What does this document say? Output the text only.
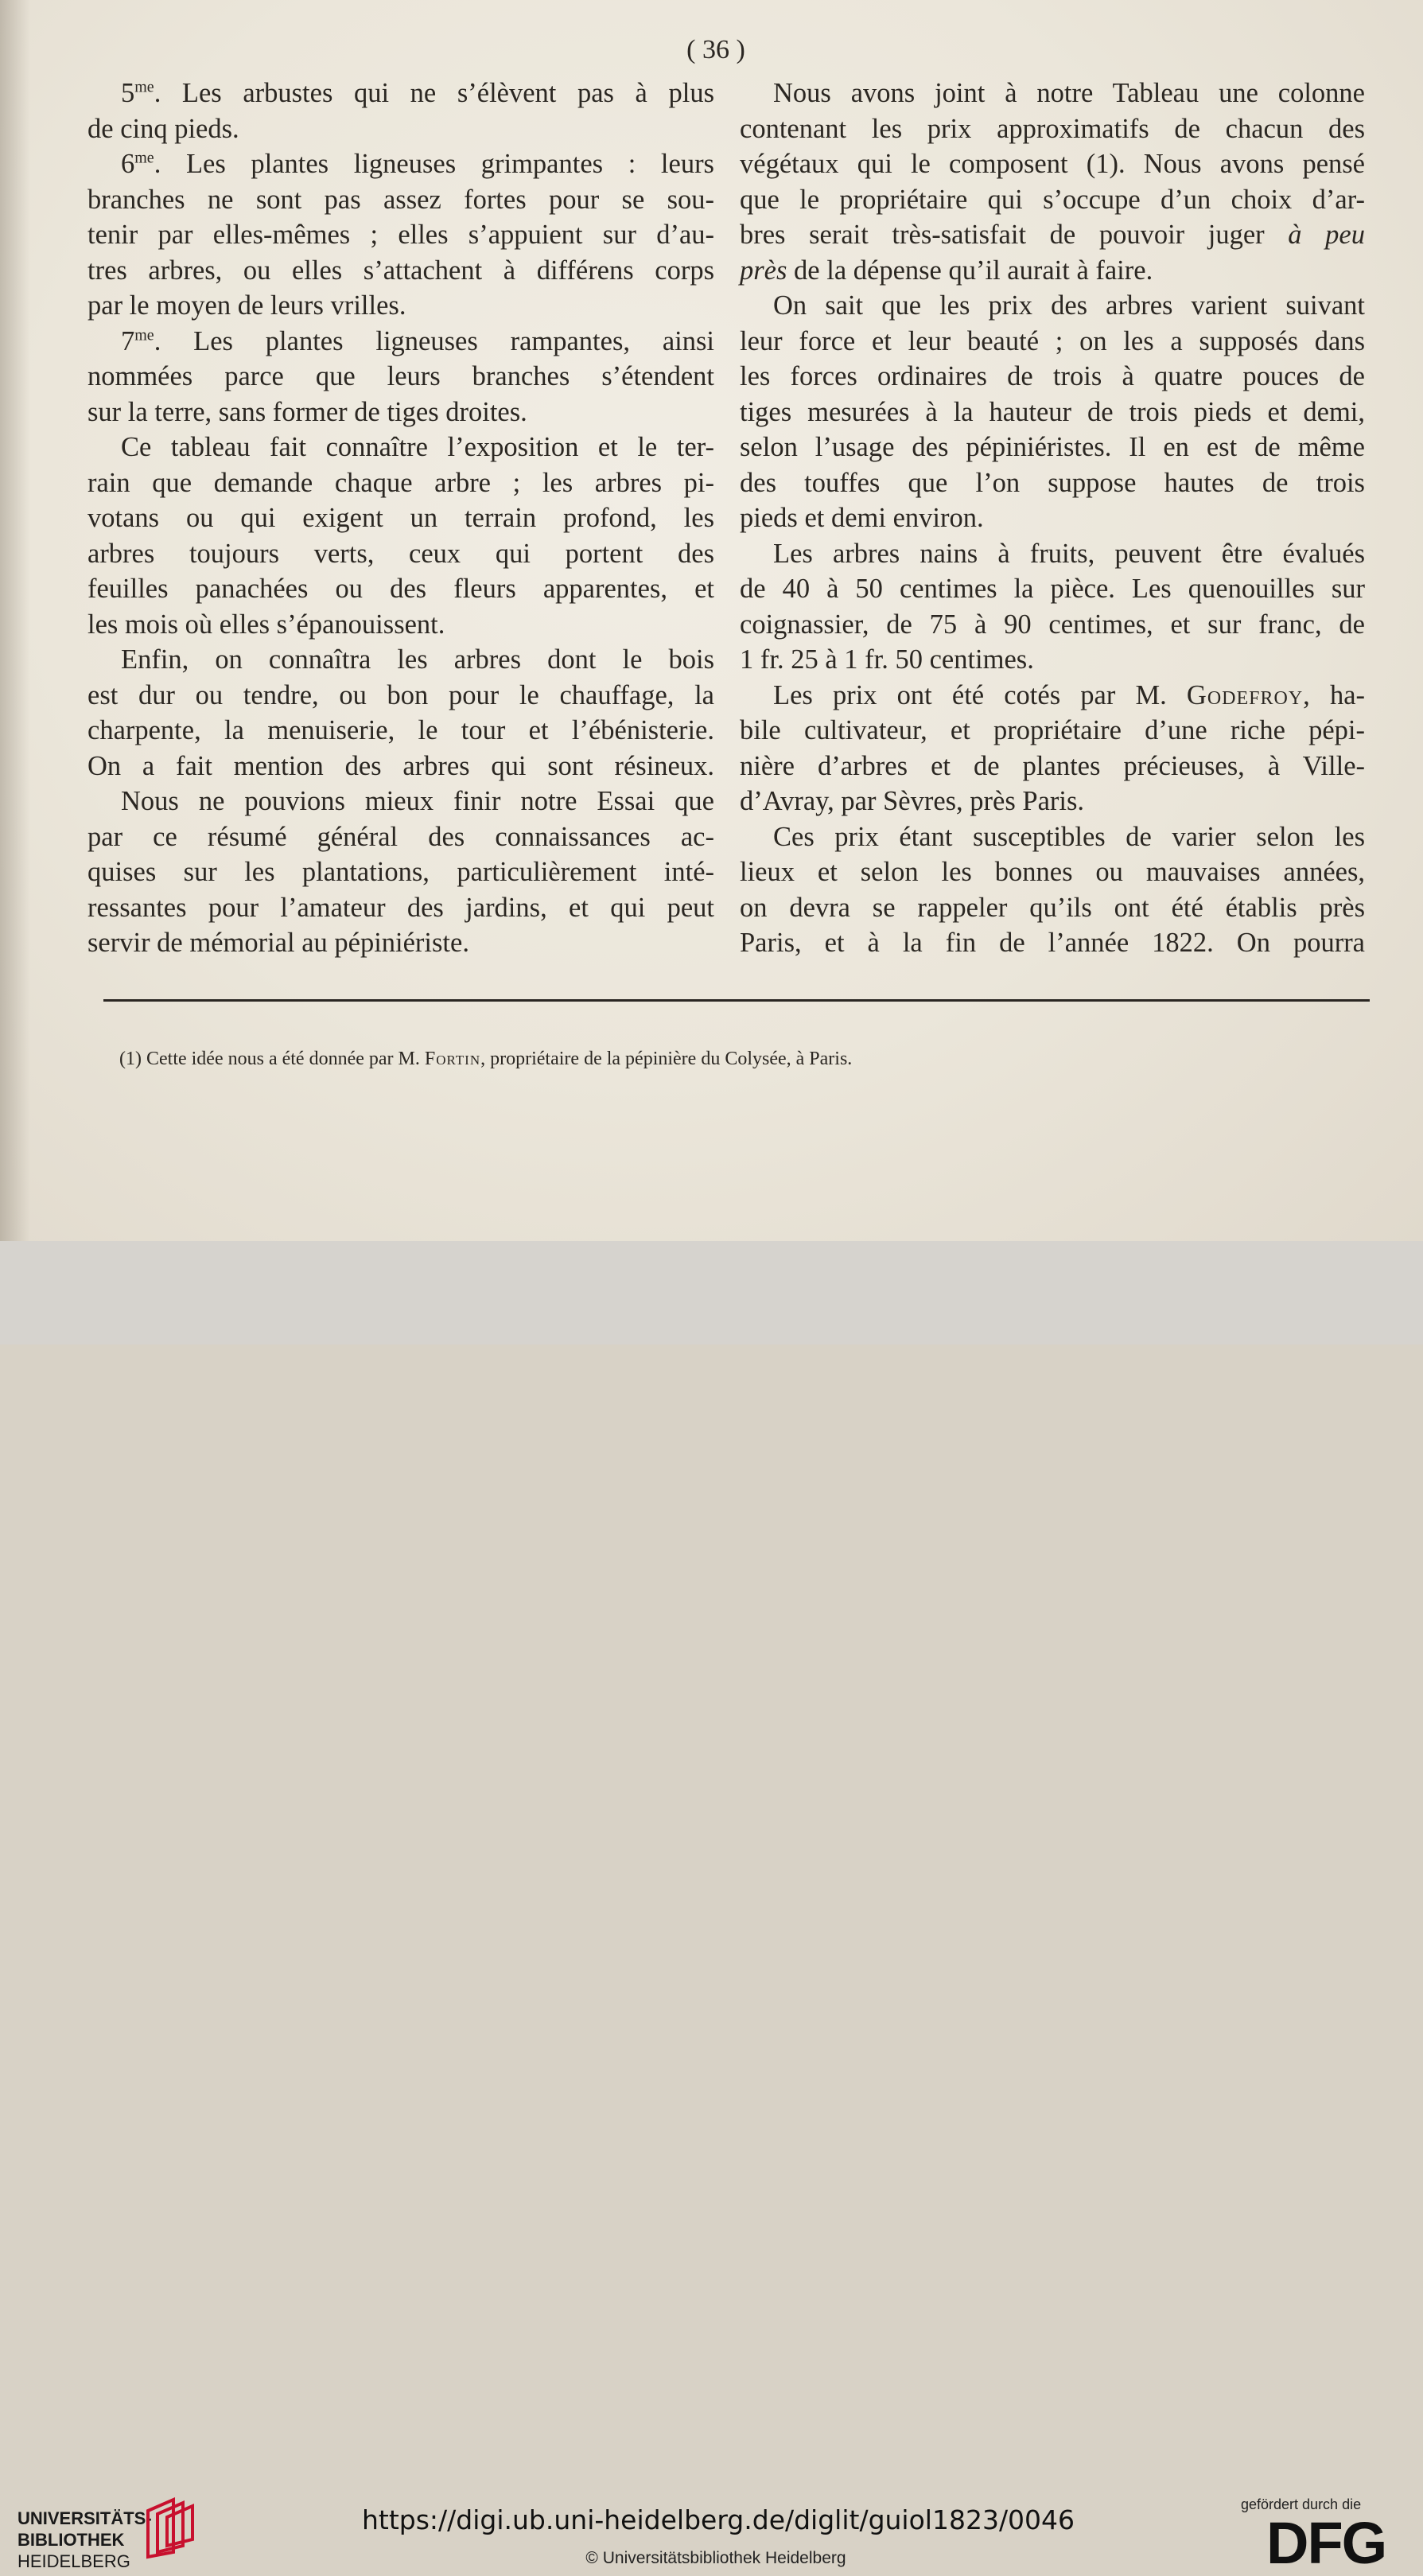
( 36 )
$5^{me}$. Les arbustes qui ne s’élèvent pas à plus
de cinq pieds.
$6^{me}$. Les plantes ligneuses grimpantes : leurs
branches ne sont pas assez fortes pour se sou-
tenir par elles-mêmes ; elles s’appuient sur d’au-
tres arbres, ou elles s’attachent à différens corps
par le moyen de leurs vrilles.
$7^{me}$. Les plantes ligneuses rampantes, ainsi
nommées parce que leurs branches s’étendent
sur la terre, sans former de tiges droites.
Ce tableau fait connaître l’exposition et le ter-
rain que demande chaque arbre ; les arbres pi-
votans ou qui exigent un terrain profond, les
arbres toujours verts, ceux qui portent des
feuilles panachées ou des fleurs apparentes, et
les mois où elles s’épanouissent.
Enfin, on connaîtra les arbres dont le bois
est dur ou tendre, ou bon pour le chauffage, la
charpente, la menuiserie, le tour et l’ébénisterie.
On a fait mention des arbres qui sont résineux.
Nous ne pouvions mieux finir notre Essai que
par ce résumé général des connaissances ac-
quises sur les plantations, particulièrement inté-
ressantes pour l’amateur des jardins, et qui peut
servir de mémorial au pépiniériste.
Nous avons joint à notre Tableau une colonne
contenant les prix approximatifs de chacun des
végétaux qui le composent (1). Nous avons pensé
que le propriétaire qui s’occupe d’un choix d’ar-
bres serait très-satisfait de pouvoir juger à peu
près de la dépense qu’il aurait à faire.
On sait que les prix des arbres varient suivant
leur force et leur beauté ; on les a supposés dans
les forces ordinaires de trois à quatre pouces de
tiges mesurées à la hauteur de trois pieds et demi,
selon l’usage des pépiniéristes. Il en est de même
des touffes que l’on suppose hautes de trois
pieds et demi environ.
Les arbres nains à fruits, peuvent être évalués
de 40 à 50 centimes la pièce. Les quenouilles sur
coignassier, de 75 à 90 centimes, et sur franc, de
1 fr. 25 à 1 fr. 50 centimes.
Les prix ont été cotés par M. Godefroy, ha-
bile cultivateur, et propriétaire d’une riche pépi-
nière d’arbres et de plantes précieuses, à Ville-
d’Avray, par Sèvres, près Paris.
Ces prix étant susceptibles de varier selon les
lieux et selon les bonnes ou mauvaises années,
on devra se rappeler qu’ils ont été établis près
Paris, et à la fin de l’année 1822. On pourra
(1) Cette idée nous a été donnée par M. Fortin, propriétaire de la pépinière du Colysée, à Paris.
UNIVERSITÄTS-
BIBLIOTHEK
HEIDELBERG
https://digi.ub.uni-heidelberg.de/diglit/guiol1823/0046
© Universitätsbibliothek Heidelberg
gefördert durch die
DFG
